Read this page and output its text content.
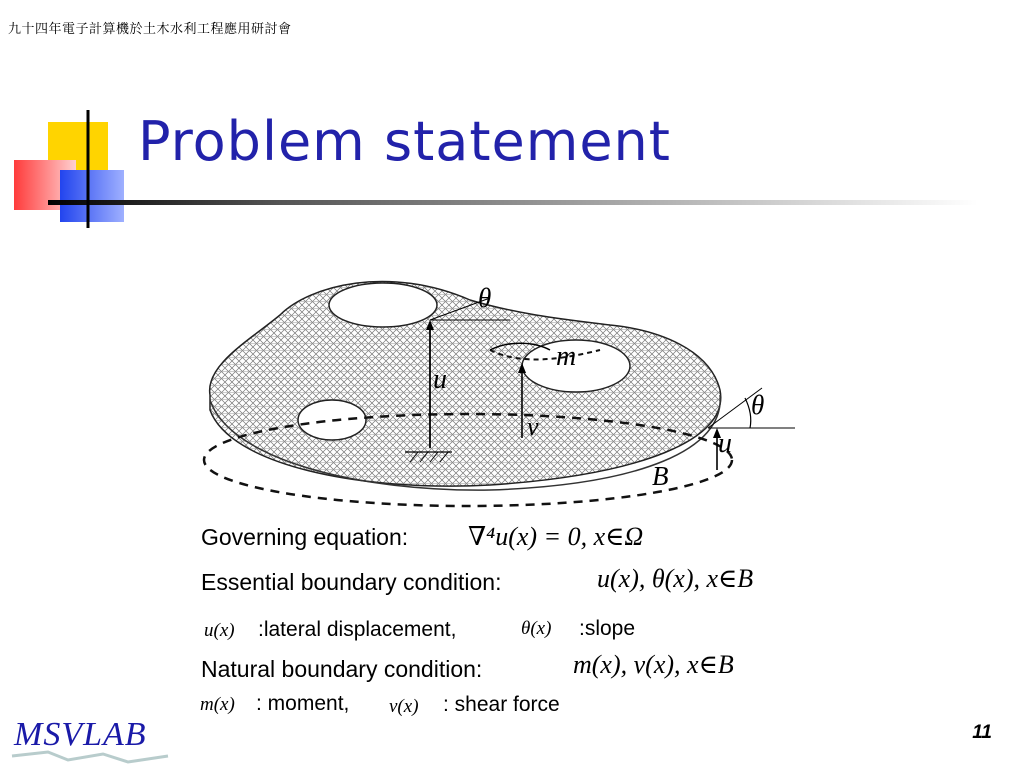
九十四年電子計算機於土木水利工程應用研討會
Problem statement
θ
m
u
v
θ
u
B
Governing equation: ∇⁴u(x) = 0, x∈Ω
Essential boundary condition:	u(x), θ(x), x∈B
u(x) :lateral displacement,	θ(x) :slope
Natural boundary condition:	m(x), v(x), x∈B
m(x) : moment, v(x) : shear force
MSVLAB	11
